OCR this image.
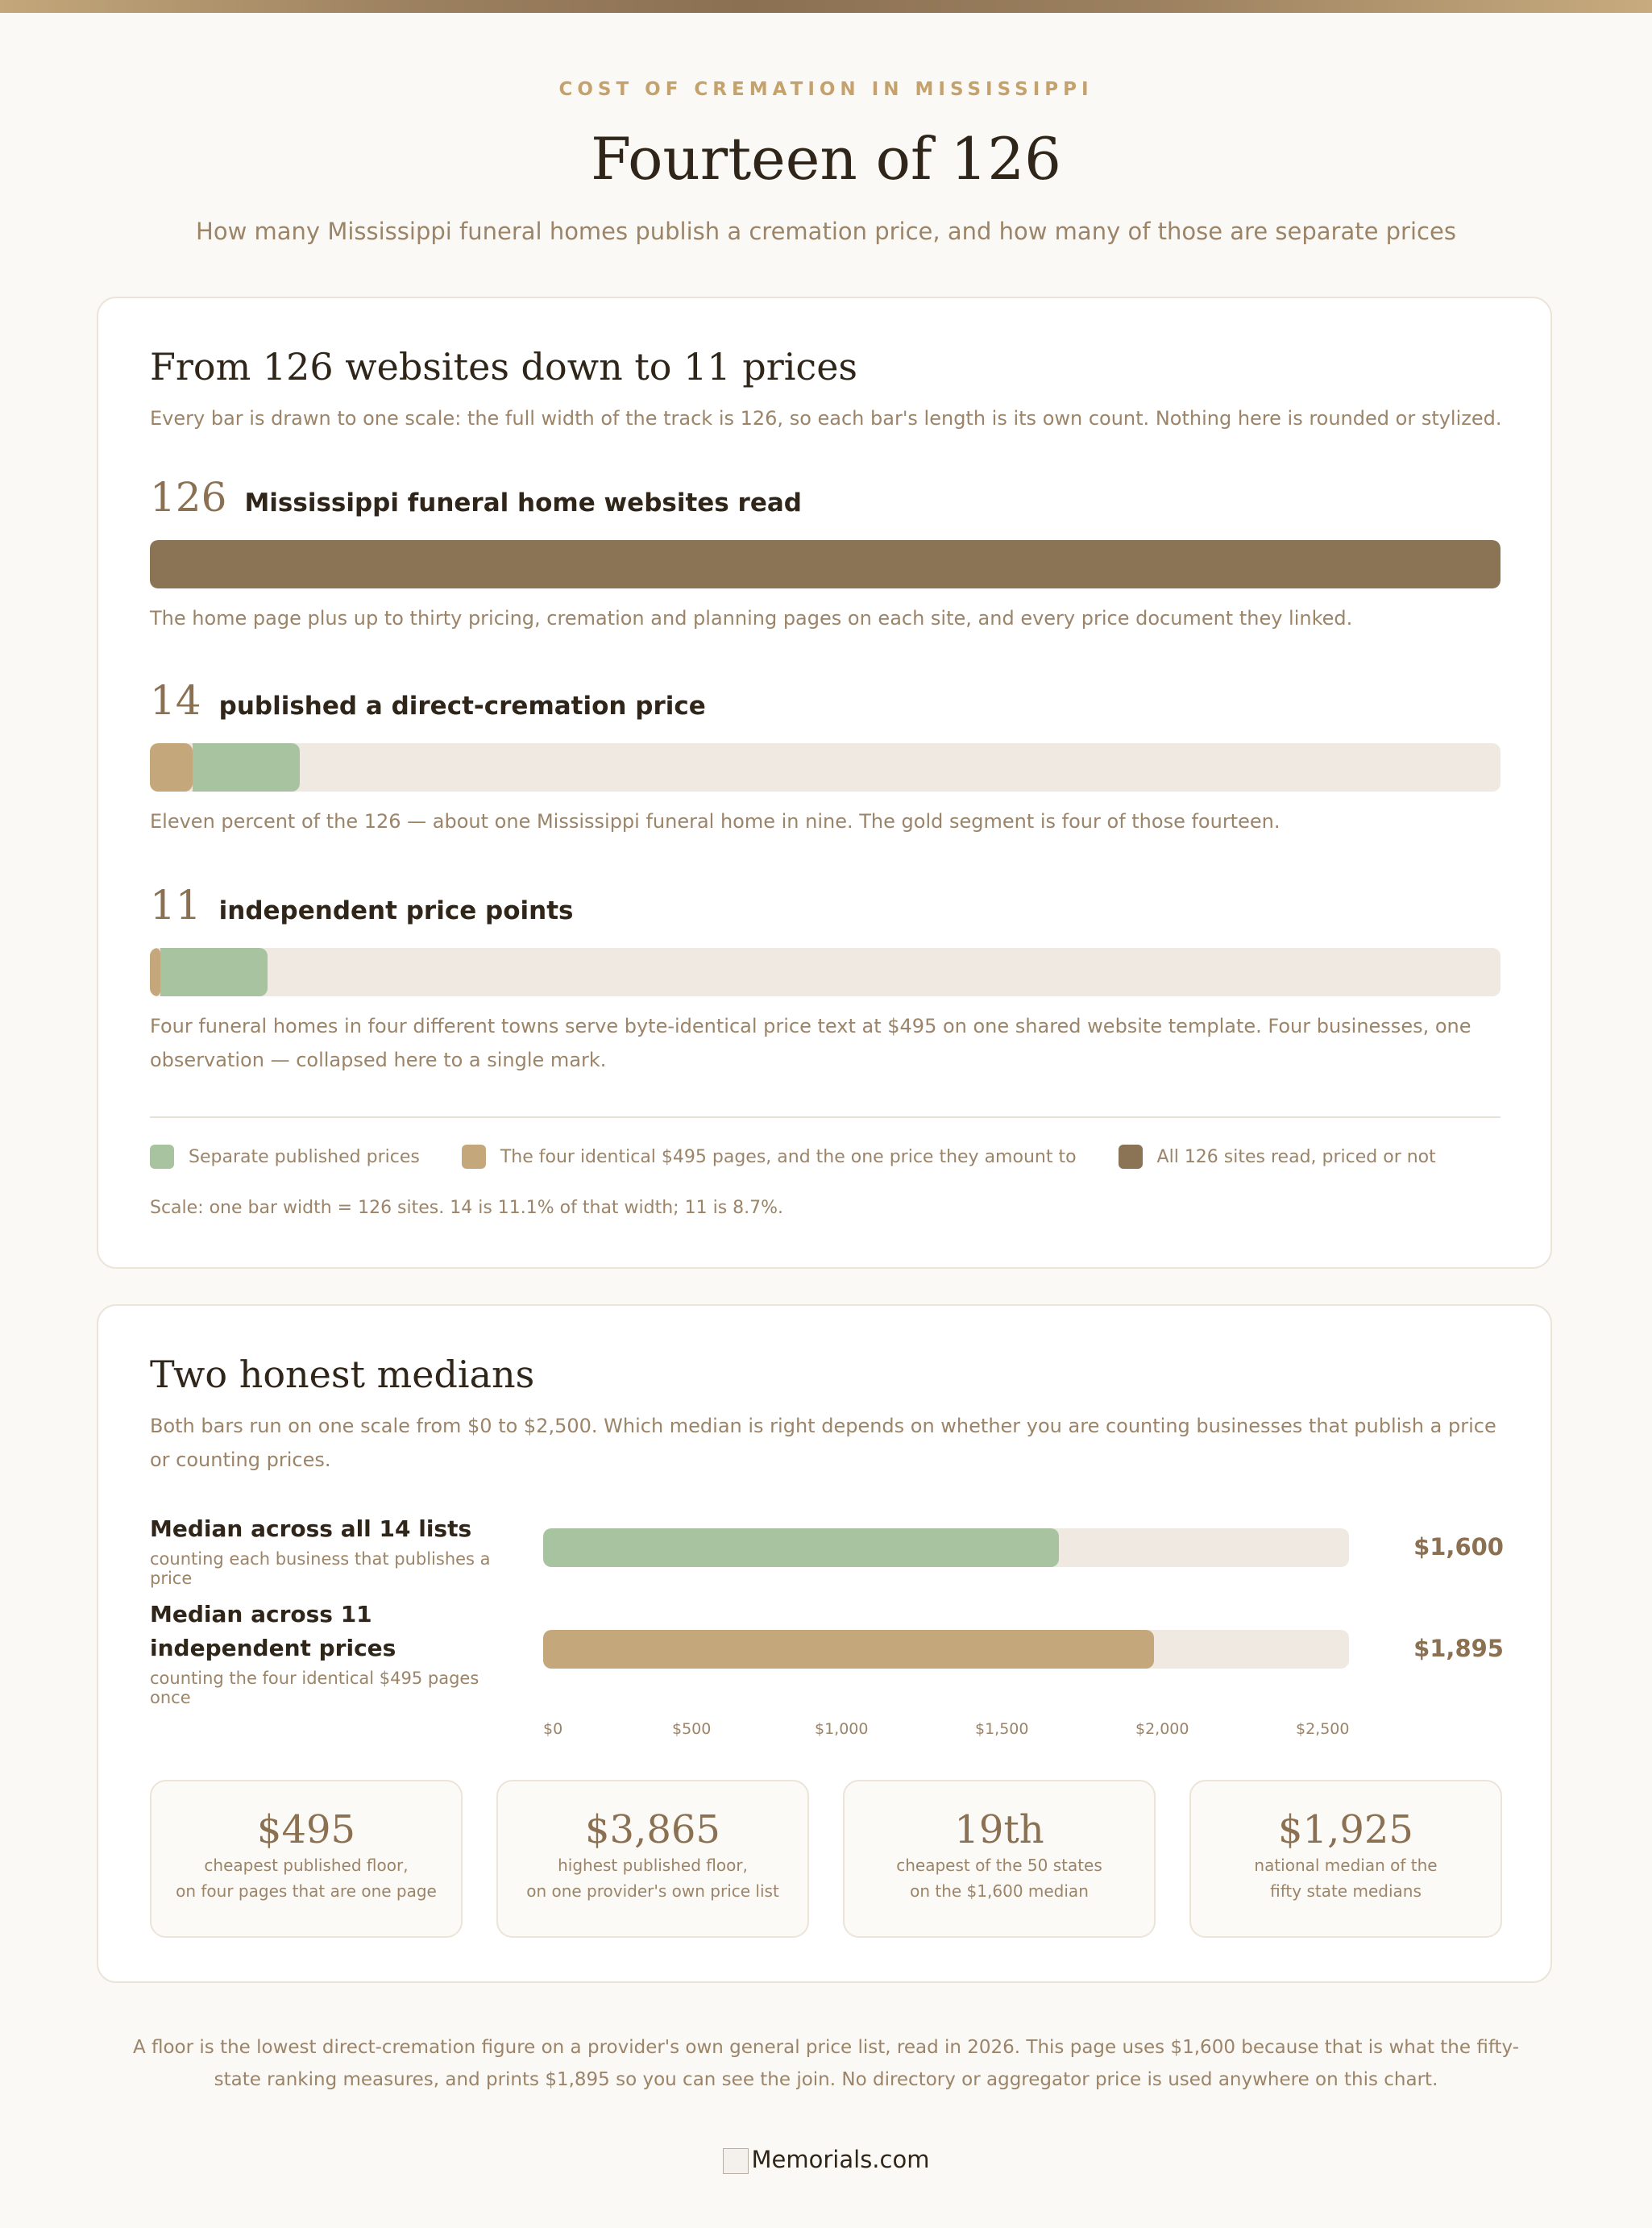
COST OF CREMATION IN MISSISSIPPI
Fourteen of 126
How many Mississippi funeral homes publish a cremation price, and how many of those are separate prices
From 126 websites down to 11 prices
Every bar is drawn to one scale: the full width of the track is 126, so each bar's length is its own count. Nothing here is rounded or stylized.
126 Mississippi funeral home websites read
The home page plus up to thirty pricing, cremation and planning pages on each site, and every price document they linked.
14 published a direct-cremation price
Eleven percent of the 126 — about one Mississippi funeral home in nine. The gold segment is four of those fourteen.
11 independent price points
Four funeral homes in four different towns serve byte-identical price text at $495 on one shared website template. Four businesses, one observation — collapsed here to a single mark.
Separate published prices	The four identical $495 pages, and the one price they amount to	All 126 sites read, priced or not
Scale: one bar width = 126 sites. 14 is 11.1% of that width; 11 is 8.7%.
Two honest medians
Both bars run on one scale from $0 to $2,500. Which median is right depends on whether you are counting businesses that publish a price or counting prices.
Median across all 14 lists
counting each business that publishes a price
$1,600
Median across 11 independent prices
counting the four identical $495 pages once
$1,895
$0	$500	$1,000	$1,500	$2,000	$2,500
$495
cheapest published floor,
on four pages that are one page
$3,865
highest published floor,
on one provider's own price list
19th
cheapest of the 50 states
on the $1,600 median
$1,925
national median of the
fifty state medians
A floor is the lowest direct-cremation figure on a provider's own general price list, read in 2026. This page uses $1,600 because that is what the fifty-state ranking measures, and prints $1,895 so you can see the join. No directory or aggregator price is used anywhere on this chart.
Memorials.com
